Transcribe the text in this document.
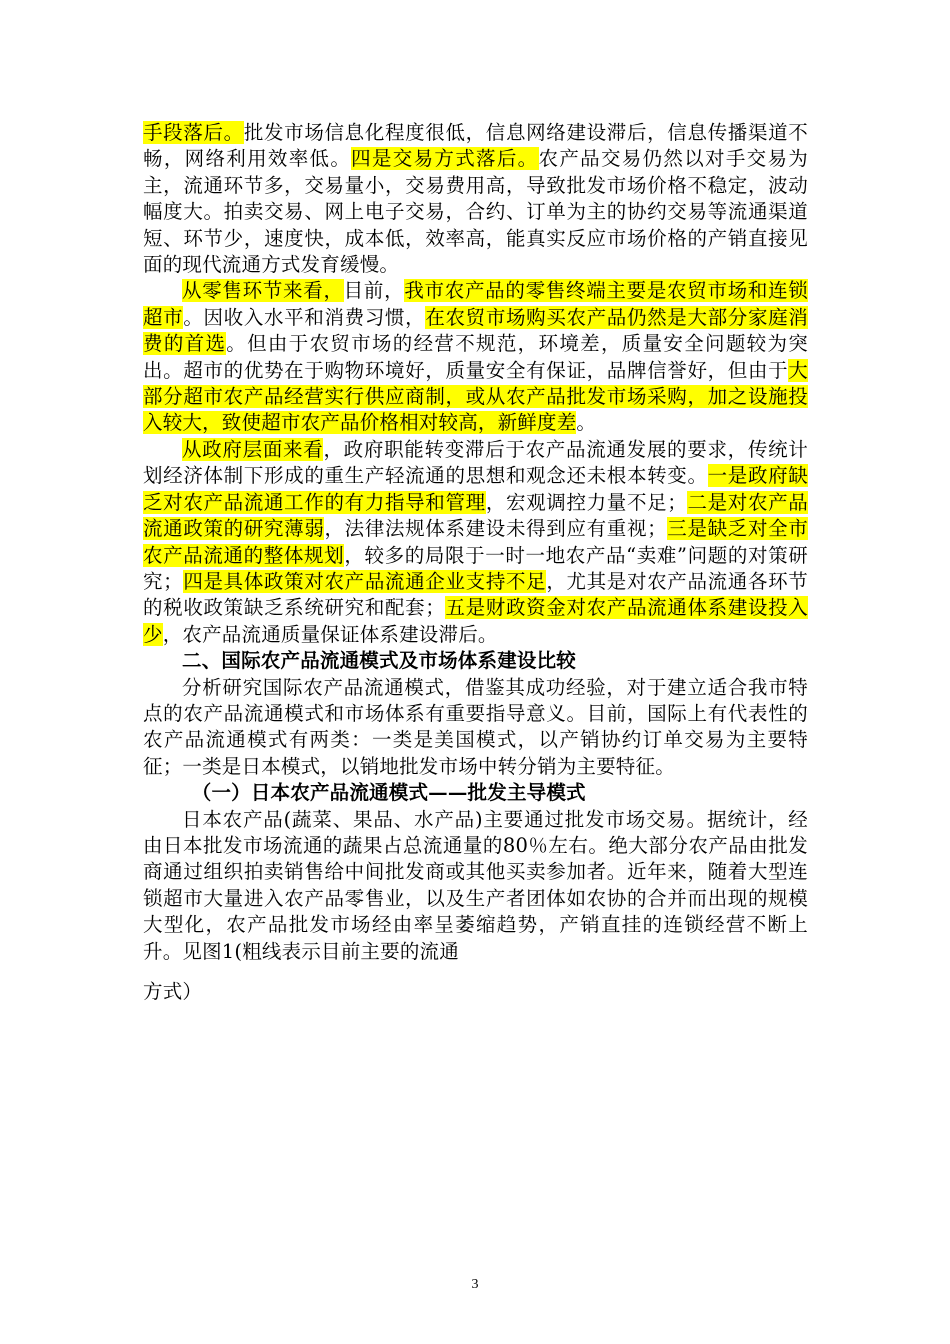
手段落后。批发市场信息化程度很低，信息网络建设滞后，信息传播渠道不畅，网络利用效率低。四是交易方式落后。农产品交易仍然以对手交易为主，流通环节多，交易量小，交易费用高，导致批发市场价格不稳定，波动幅度大。拍卖交易、网上电子交易，合约、订单为主的协约交易等流通渠道短、环节少，速度快，成本低，效率高，能真实反应市场价格的产销直接见面的现代流通方式发育缓慢。

从零售环节来看，目前，我市农产品的零售终端主要是农贸市场和连锁超市。因收入水平和消费习惯，在农贸市场购买农产品仍然是大部分家庭消费的首选。但由于农贸市场的经营不规范，环境差，质量安全问题较为突出。超市的优势在于购物环境好，质量安全有保证，品牌信誉好，但由于大部分超市农产品经营实行供应商制，或从农产品批发市场采购，加之设施投入较大，致使超市农产品价格相对较高，新鲜度差。

从政府层面来看，政府职能转变滞后于农产品流通发展的要求，传统计划经济体制下形成的重生产轻流通的思想和观念还未根本转变。一是政府缺乏对农产品流通工作的有力指导和管理，宏观调控力量不足；二是对农产品流通政策的研究薄弱，法律法规体系建设未得到应有重视；三是缺乏对全市农产品流通的整体规划，较多的局限于一时一地农产品“卖难”问题的对策研究；四是具体政策对农产品流通企业支持不足，尤其是对农产品流通各环节的税收政策缺乏系统研究和配套；五是财政资金对农产品流通体系建设投入少，农产品流通质量保证体系建设滞后。

二、国际农产品流通模式及市场体系建设比较

分析研究国际农产品流通模式，借鉴其成功经验，对于建立适合我市特点的农产品流通模式和市场体系有重要指导意义。目前，国际上有代表性的农产品流通模式有两类：一类是美国模式，以产销协约订单交易为主要特征；一类是日本模式，以销地批发市场中转分销为主要特征。

（一）日本农产品流通模式——批发主导模式

日本农产品(蔬菜、果品、水产品)主要通过批发市场交易。据统计，经由日本批发市场流通的蔬果占总流通量的80％左右。绝大部分农产品由批发商通过组织拍卖销售给中间批发商或其他买卖参加者。近年来，随着大型连锁超市大量进入农产品零售业，以及生产者团体如农协的合并而出现的规模大型化，农产品批发市场经由率呈萎缩趋势，产销直挂的连锁经营不断上升。见图1(粗线表示目前主要的流通

方式）

3
